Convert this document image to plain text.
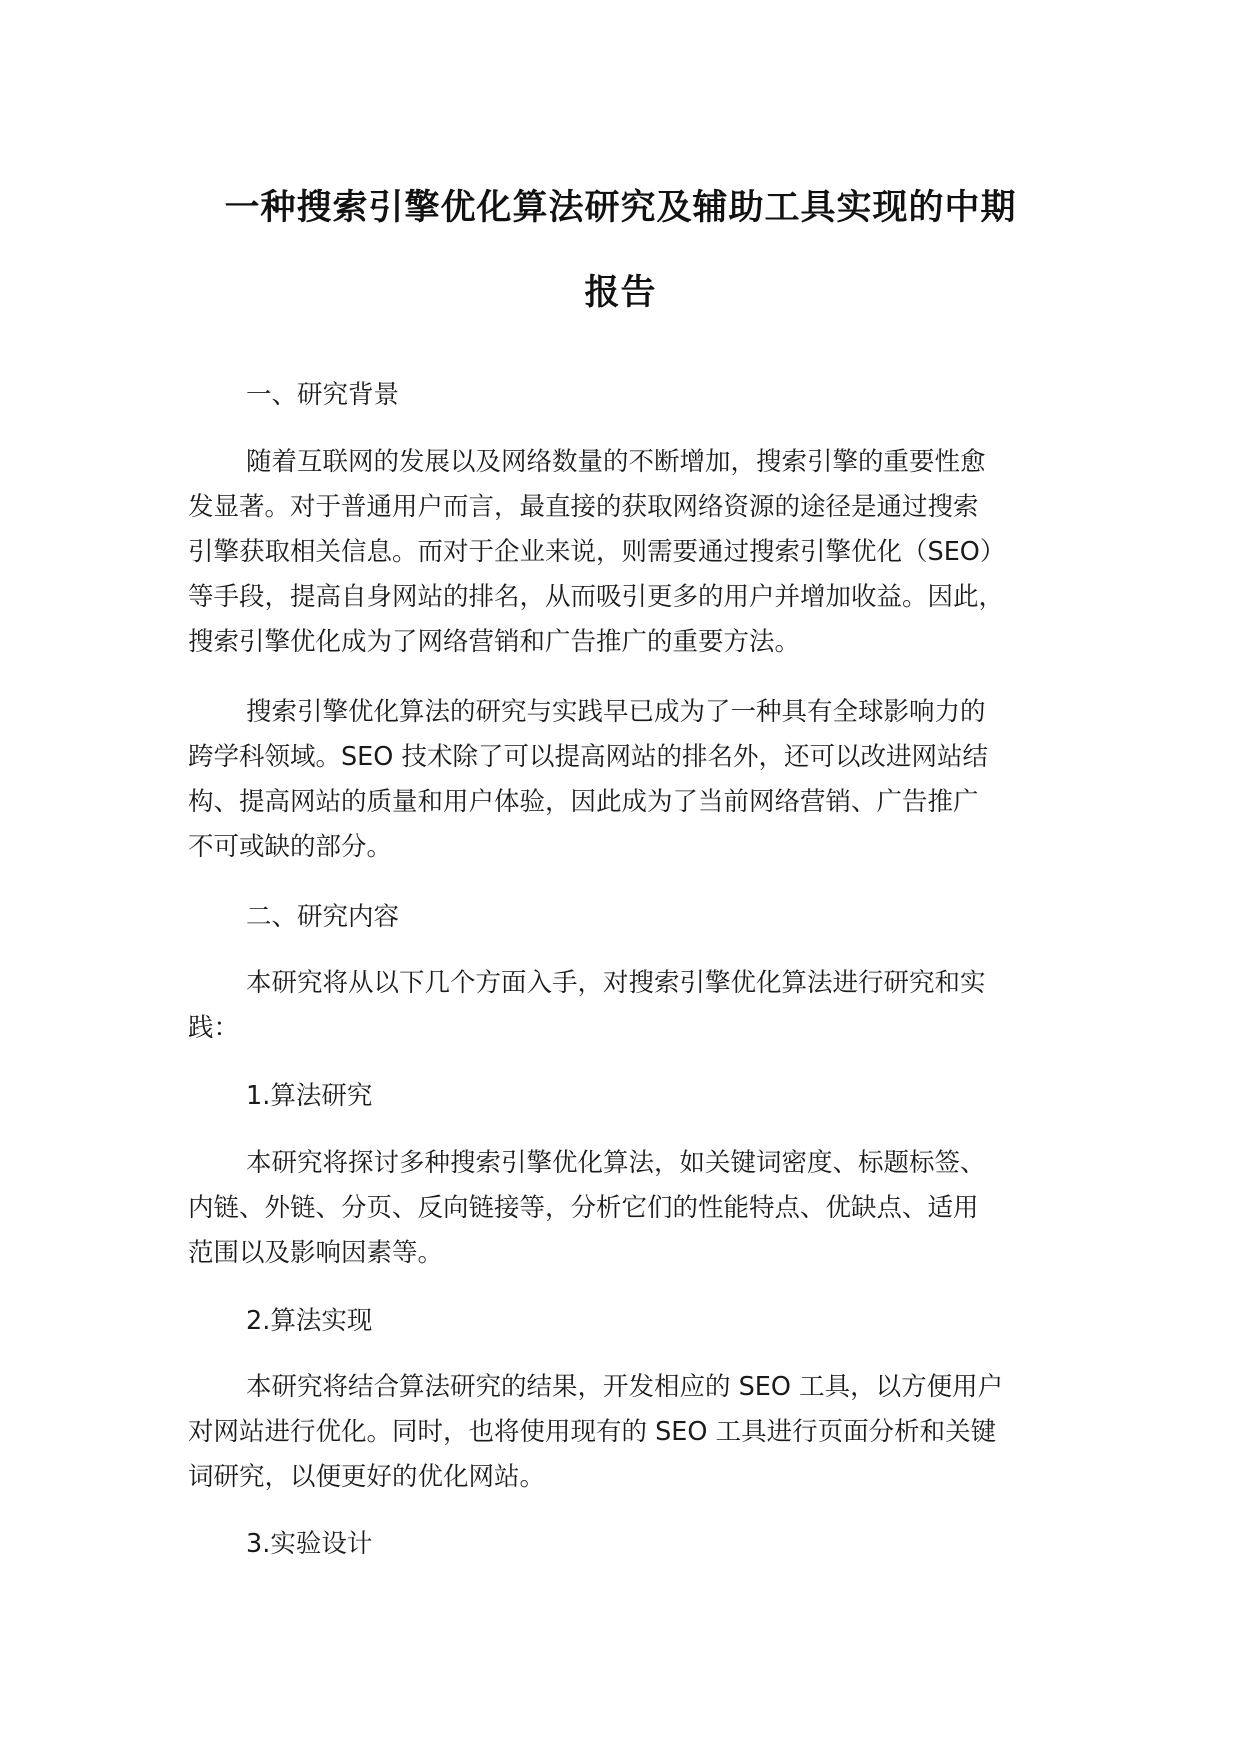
一种搜索引擎优化算法研究及辅助工具实现的中期
报告
一、研究背景
随着互联网的发展以及网络数量的不断增加，搜索引擎的重要性愈
发显著。对于普通用户而言，最直接的获取网络资源的途径是通过搜索
引擎获取相关信息。而对于企业来说，则需要通过搜索引擎优化（SEO）
等手段，提高自身网站的排名，从而吸引更多的用户并增加收益。因此，
搜索引擎优化成为了网络营销和广告推广的重要方法。
搜索引擎优化算法的研究与实践早已成为了一种具有全球影响力的
跨学科领域。SEO 技术除了可以提高网站的排名外，还可以改进网站结
构、提高网站的质量和用户体验，因此成为了当前网络营销、广告推广
不可或缺的部分。
二、研究内容
本研究将从以下几个方面入手，对搜索引擎优化算法进行研究和实
践：
1.算法研究
本研究将探讨多种搜索引擎优化算法，如关键词密度、标题标签、
内链、外链、分页、反向链接等，分析它们的性能特点、优缺点、适用
范围以及影响因素等。
2.算法实现
本研究将结合算法研究的结果，开发相应的 SEO 工具，以方便用户
对网站进行优化。同时，也将使用现有的 SEO 工具进行页面分析和关键
词研究，以便更好的优化网站。
3.实验设计
